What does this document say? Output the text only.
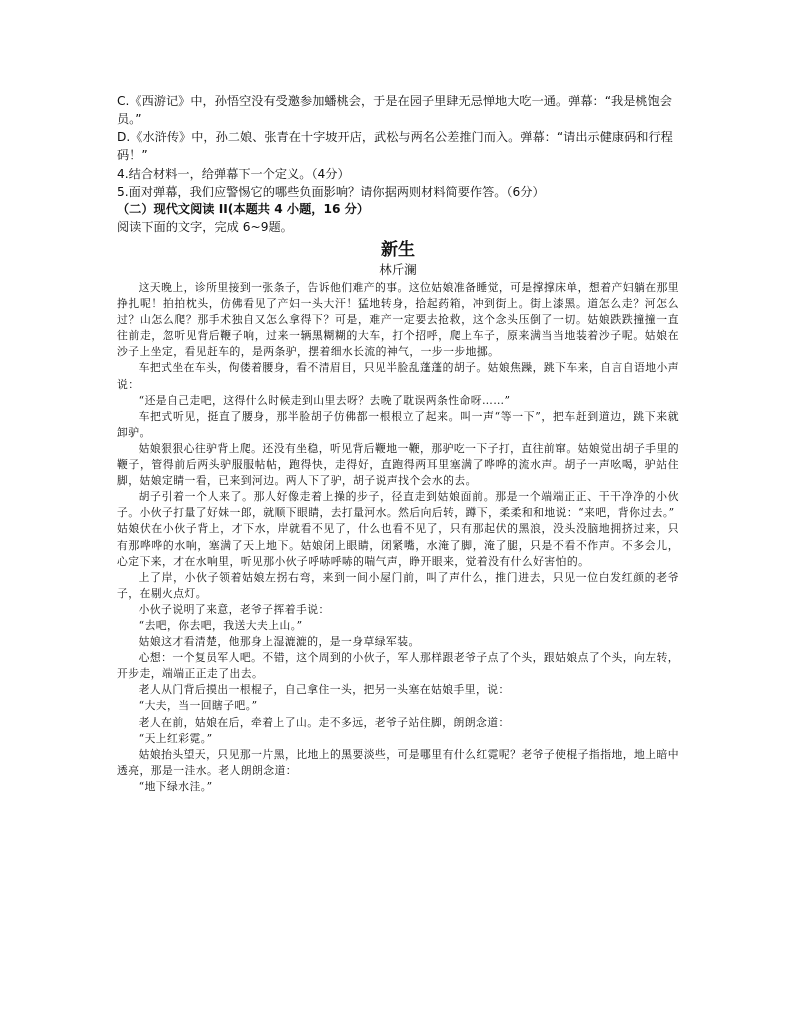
C.《西游记》中，孙悟空没有受邀参加蟠桃会，于是在园子里肆无忌惮地大吃一通。弹幕：“我是桃饱会员。”

D.《水浒传》中，孙二娘、张青在十字坡开店，武松与两名公差推门而入。弹幕：“请出示健康码和行程码！”

4.结合材料一，给弹幕下一个定义。（4分）

5.面对弹幕，我们应警惕它的哪些负面影响？请你据两则材料简要作答。（6分）

（二）现代文阅读 II(本题共 4 小题，16 分）

阅读下面的文字，完成 6~9题。

新生

林斤澜

这天晚上，诊所里接到一张条子，告诉他们难产的事。这位姑娘准备睡觉，可是撑撑床单，想着产妇躺在那里挣扎呢！拍拍枕头，仿佛看见了产妇一头大汗！猛地转身，拾起药箱，冲到街上。街上漆黑。道怎么走？河怎么过？山怎么爬？那手术独自又怎么拿得下？可是，难产一定要去抢救，这个念头压倒了一切。姑娘跌跌撞撞一直往前走，忽听见背后鞭子响，过来一辆黑糊糊的大车，打个招呼，爬上车子，原来满当当地装着沙子呢。姑娘在沙子上坐定，看见赶车的，是两条驴，摆着细水长流的神气，一步一步地挪。

车把式坐在车头，佝偻着腰身，看不清眉目，只见半脸乱蓬蓬的胡子。姑娘焦躁，跳下车来，自言自语地小声说：

“还是自己走吧，这得什么时候走到山里去呀？去晚了耽误两条性命呀……”

车把式听见，挺直了腰身，那半脸胡子仿佛都一根根立了起来。叫一声“等一下”，把车赶到道边，跳下来就卸驴。

姑娘狠狠心往驴背上爬。还没有坐稳，听见背后鞭地一鞭，那驴吃一下子打，直往前窜。姑娘觉出胡子手里的鞭子，管得前后两头驴服服帖帖，跑得快，走得好，直跑得两耳里塞满了哗哗的流水声。胡子一声吆喝，驴站住脚，姑娘定睛一看，已来到河边。两人下了驴，胡子说声找个会水的去。

胡子引着一个人来了。那人好像走着上操的步子，径直走到姑娘面前。那是一个端端正正、干干净净的小伙子。小伙子打量了好妹一郎，就顺下眼睛，去打量河水。然后向后转，蹲下，柔柔和和地说：“来吧，背你过去。”

姑娘伏在小伙子背上，才下水，岸就看不见了，什么也看不见了，只有那起伏的黑浪，没头没脑地拥挤过来，只有那哗哗的水响，塞满了天上地下。姑娘闭上眼睛，闭紧嘴，水淹了脚，淹了腿，只是不看不作声。不多会儿，心定下来，才在水响里，听见那小伙子呼哧呼哧的喘气声，睁开眼来，觉着没有什么好害怕的。

上了岸，小伙子领着姑娘左拐右弯，来到一间小屋门前，叫了声什么，推门进去，只见一位白发红颜的老爷子，在剔火点灯。

小伙子说明了来意，老爷子挥着手说：

“去吧，你去吧，我送大夫上山。”

姑娘这才看清楚，他那身上湿漉漉的，是一身草绿军装。

心想：一个复员军人吧。不错，这个周到的小伙子，军人那样跟老爷子点了个头，跟姑娘点了个头，向左转，开步走，端端正正走了出去。

老人从门背后摸出一根棍子，自己拿住一头，把另一头塞在姑娘手里，说：

“大夫，当一回瞎子吧。”

老人在前，姑娘在后，牵着上了山。走不多远，老爷子站住脚，朗朗念道：

“天上红彩霓。”

姑娘抬头望天，只见那一片黑，比地上的黑要淡些，可是哪里有什么红霓呢？老爷子使棍子指指地，地上暗中透亮，那是一洼水。老人朗朗念道：

“地下绿水洼。”
